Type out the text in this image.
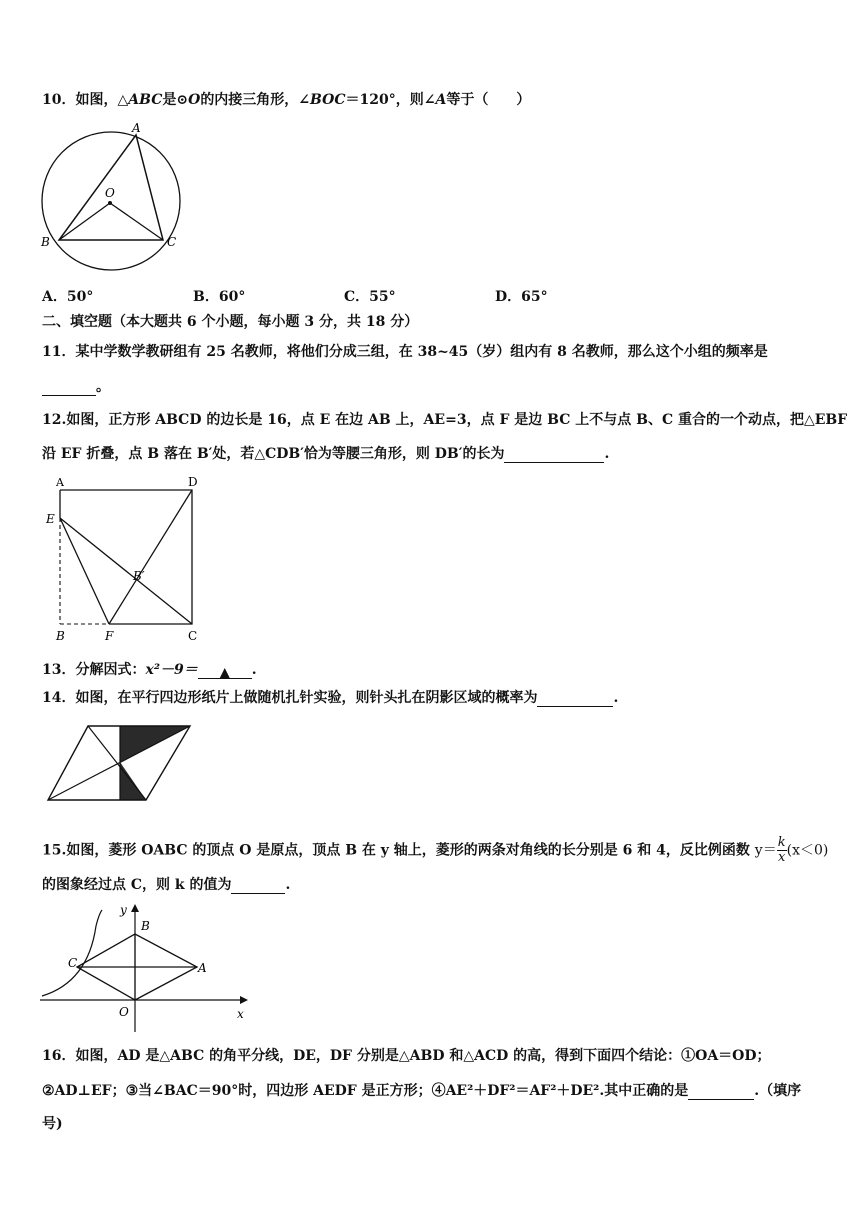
10．如图，△ABC是⊙O的内接三角形，∠BOC＝120°，则∠A等于（　　）
A
O
B	C
A．50°	B．60°	C．55°	D．65°
二、填空题（本大题共 6 个小题，每小题 3 分，共 18 分）
11．某中学数学教研组有 25 名教师，将他们分成三组，在 38~45（岁）组内有 8 名教师，那么这个小组的频率是
。
12.如图，正方形 ABCD 的边长是 16，点 E 在边 AB 上，AE=3，点 F 是边 BC 上不与点 B、C 重合的一个动点，把△EBF
沿 EF 折叠，点 B 落在 B′处，若△CDB′恰为等腰三角形，则 DB′的长为	.
A	D
E
B′
B	F	C
13．分解因式：x²－9＝ ▲ .
14．如图，在平行四边形纸片上做随机扎针实验，则针头扎在阴影区域的概率为	.
15.如图，菱形 OABC 的顶点 O 是原点，顶点 B 在 y 轴上，菱形的两条对角线的长分别是 6 和 4，反比例函数 $y= \frac{k}{x} (x<0)$
的图象经过点 C，则 k 的值为	.
y
B
C	A
O	x
16．如图，AD 是△ABC 的角平分线，DE，DF 分别是△ABD 和△ACD 的高，得到下面四个结论：①OA＝OD；
②AD⊥EF；③当∠BAC＝90°时，四边形 AEDF 是正方形；④AE²＋DF²＝AF²＋DE².其中正确的是	.（填序
号)
